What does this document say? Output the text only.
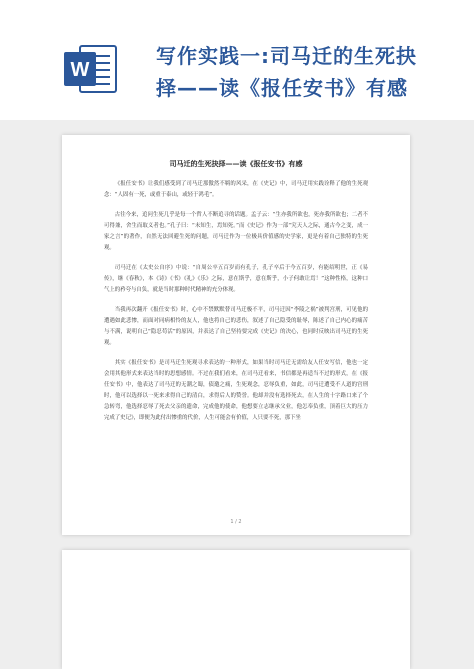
W
写作实践一:司马迁的生死抉
择——读《报任安书》有感
司马迁的生死抉择——读《报任安书》有感

《报任安书》让我们感受到了司马迁那傲然不羁的风采，在《史记》中，司马迁用实践诠释了他的生死观念：“人固有一死，或重于泰山，或轻于鸿毛”。

古往今来，追问生死几乎是每一个哲人不断追寻的话题。孟子云：“生亦我所欲也，死亦我所欲也；二者不可得兼，舍生而取义者也。”孔子曰：“未知生，焉知死。”而《史记》作为一部“究天人之际，通古今之变，成一家之言”的著作，自然无法回避生死的问题，司马迁作为一位极具价值感的史学家，更是有着自己独特的生死观。

司马迁在《太史公自序》中说：“自周公卒五百岁而有孔子，孔子卒后于今五百岁，有能绍明世，正《易传》，继《春秋》，本《诗》《书》《礼》《乐》之际，意在斯乎，意在斯乎，小子何敢让焉！”这种性格，这种口气上的矜夸与自负，就是当时那种时代精神的充分体现。

当我再次翻开《报任安书》时，心中不禁默默替司马迁极不平，司马迁因“李陵之祸”被判宫刑，可见他的遭遇如此悲惨，而面对同病相怜的友人，他也将自己的悲伤，叙述了自己隐受的耻辱，陈述了自己内心的痛苦与不满，说明自己“隐忍苟活”的原因，并表达了自己坚持要完成《史记》的决心，也同时反映出司马迁的生死观。

其实《报任安书》是司马迁生死观寻求表达的一种形式，如果当时司马迁无需给友人任安写信，他也一定会用其他形式来表达当时的思想感情。不过在我们看来，在司马迁看来，书信都是再适当不过的形式，在《报任安书》中，他表达了司马迁的无潮之蜀，债邀之痛，生死观念，忍辱负重，如此，司马迁遭受不人道的宫刑时，他可以选择以一死来求得自己的清白，求得后人的赞誉。他却并没有选择死去，在人生的十字路口来了个急转弯，他选择忍辱了死去父亲的遗命，完成他的使命，他想要立志继承父业，他怎奉负重，顶着巨大的压力完成了史记》，即便为此付出惨重的代价，人生可能会有价值，人只要不死，那下坐

1 / 2
